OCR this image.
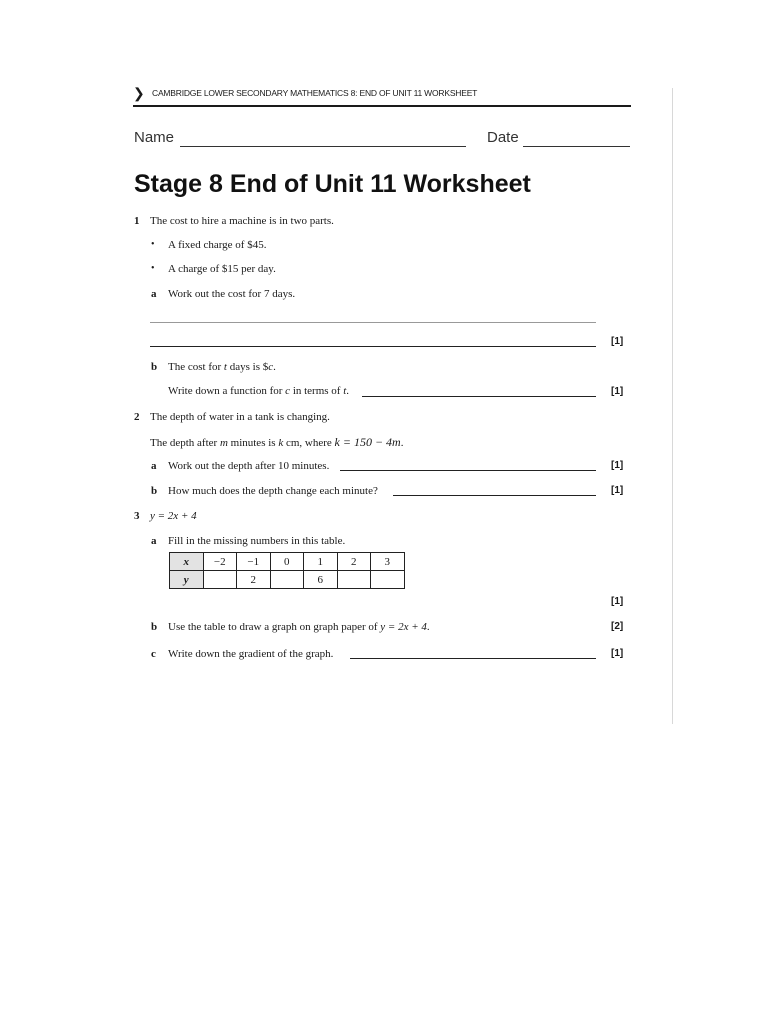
❯ CAMBRIDGE LOWER SECONDARY MATHEMATICS 8: END OF UNIT 11 WORKSHEET
Name	Date
Stage 8 End of Unit 11 Worksheet
1 The cost to hire a machine is in two parts.
• A fixed charge of $45.
• A charge of $15 per day.
a Work out the cost for 7 days.
[1]
b The cost for t days is $c.
Write down a function for c in terms of t.	[1]
2 The depth of water in a tank is changing.
The depth after m minutes is k cm, where k = 150 − 4m.
a Work out the depth after 10 minutes.	[1]
b How much does the depth change each minute?	[1]
3 y = 2x + 4
a Fill in the missing numbers in this table.
x	−2	−1	0	1	2	3
y		2		6		
[1]
b Use the table to draw a graph on graph paper of y = 2x + 4.	[2]
c Write down the gradient of the graph.	[1]
